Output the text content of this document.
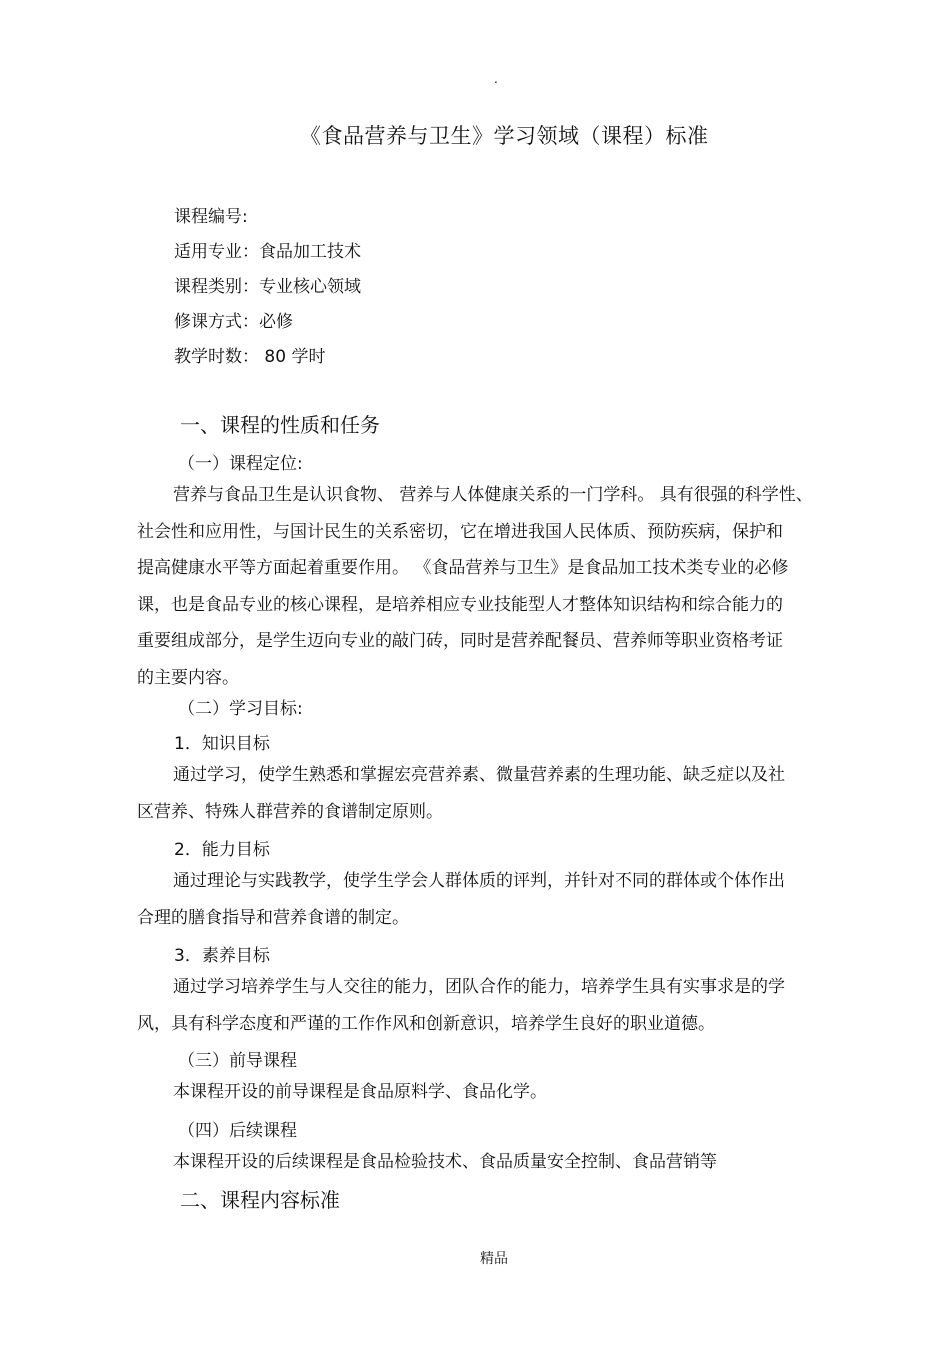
.
《食品营养与卫生》学习领域（课程）标准
课程编号:
适用专业：食品加工技术
课程类别：专业核心领域
修课方式：必修
教学时数： 80 学时
一、课程的性质和任务
（一）课程定位:
营养与食品卫生是认识食物、 营养与人体健康关系的一门学科。 具有很强的科学性、
社会性和应用性，与国计民生的关系密切，它在增进我国人民体质、预防疾病，保护和
提高健康水平等方面起着重要作用。 《食品营养与卫生》是食品加工技术类专业的必修
课，也是食品专业的核心课程，是培养相应专业技能型人才整体知识结构和综合能力的
重要组成部分，是学生迈向专业的敲门砖，同时是营养配餐员、营养师等职业资格考证
的主要内容。
（二）学习目标:
1．知识目标
通过学习，使学生熟悉和掌握宏亮营养素、微量营养素的生理功能、缺乏症以及社
区营养、特殊人群营养的食谱制定原则。
2．能力目标
通过理论与实践教学，使学生学会人群体质的评判，并针对不同的群体或个体作出
合理的膳食指导和营养食谱的制定。
3．素养目标
通过学习培养学生与人交往的能力，团队合作的能力，培养学生具有实事求是的学
风，具有科学态度和严谨的工作作风和创新意识，培养学生良好的职业道德。
（三）前导课程
本课程开设的前导课程是食品原料学、食品化学。
（四）后续课程
本课程开设的后续课程是食品检验技术、食品质量安全控制、食品营销等
二、课程内容标准
精品
